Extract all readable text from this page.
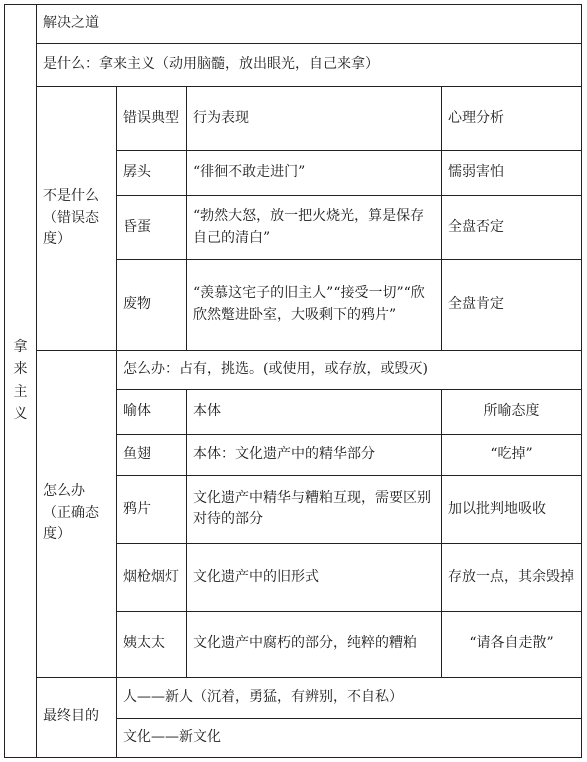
拿来主义	解决之道			
	是什么：拿来主义（动用脑髓，放出眼光，自己来拿）			
	不是什么（错误态度）	错误典型	行为表现	心理分析
		孱头	“徘徊不敢走进门”	懦弱害怕
		昏蛋	“勃然大怒，放一把火烧光，算是保存自己的清白”	全盘否定
		废物	“羡慕这宅子的旧主人”“接受一切”“欣欣然蹩进卧室，大吸剩下的鸦片”	全盘肯定
	怎么办（正确态度）	怎么办：占有，挑选。(或使用，或存放，或毁灭)		
		喻体	本体	所喻态度
		鱼翅	本体：文化遗产中的精华部分	“吃掉”
		鸦片	文化遗产中精华与糟粕互现，需要区别对待的部分	加以批判地吸收
		烟枪烟灯	文化遗产中的旧形式	存放一点，其余毁掉
		姨太太	文化遗产中腐朽的部分，纯粹的糟粕	“请各自走散”
	最终目的	人——新人（沉着，勇猛，有辨别，不自私）		
		文化——新文化		
